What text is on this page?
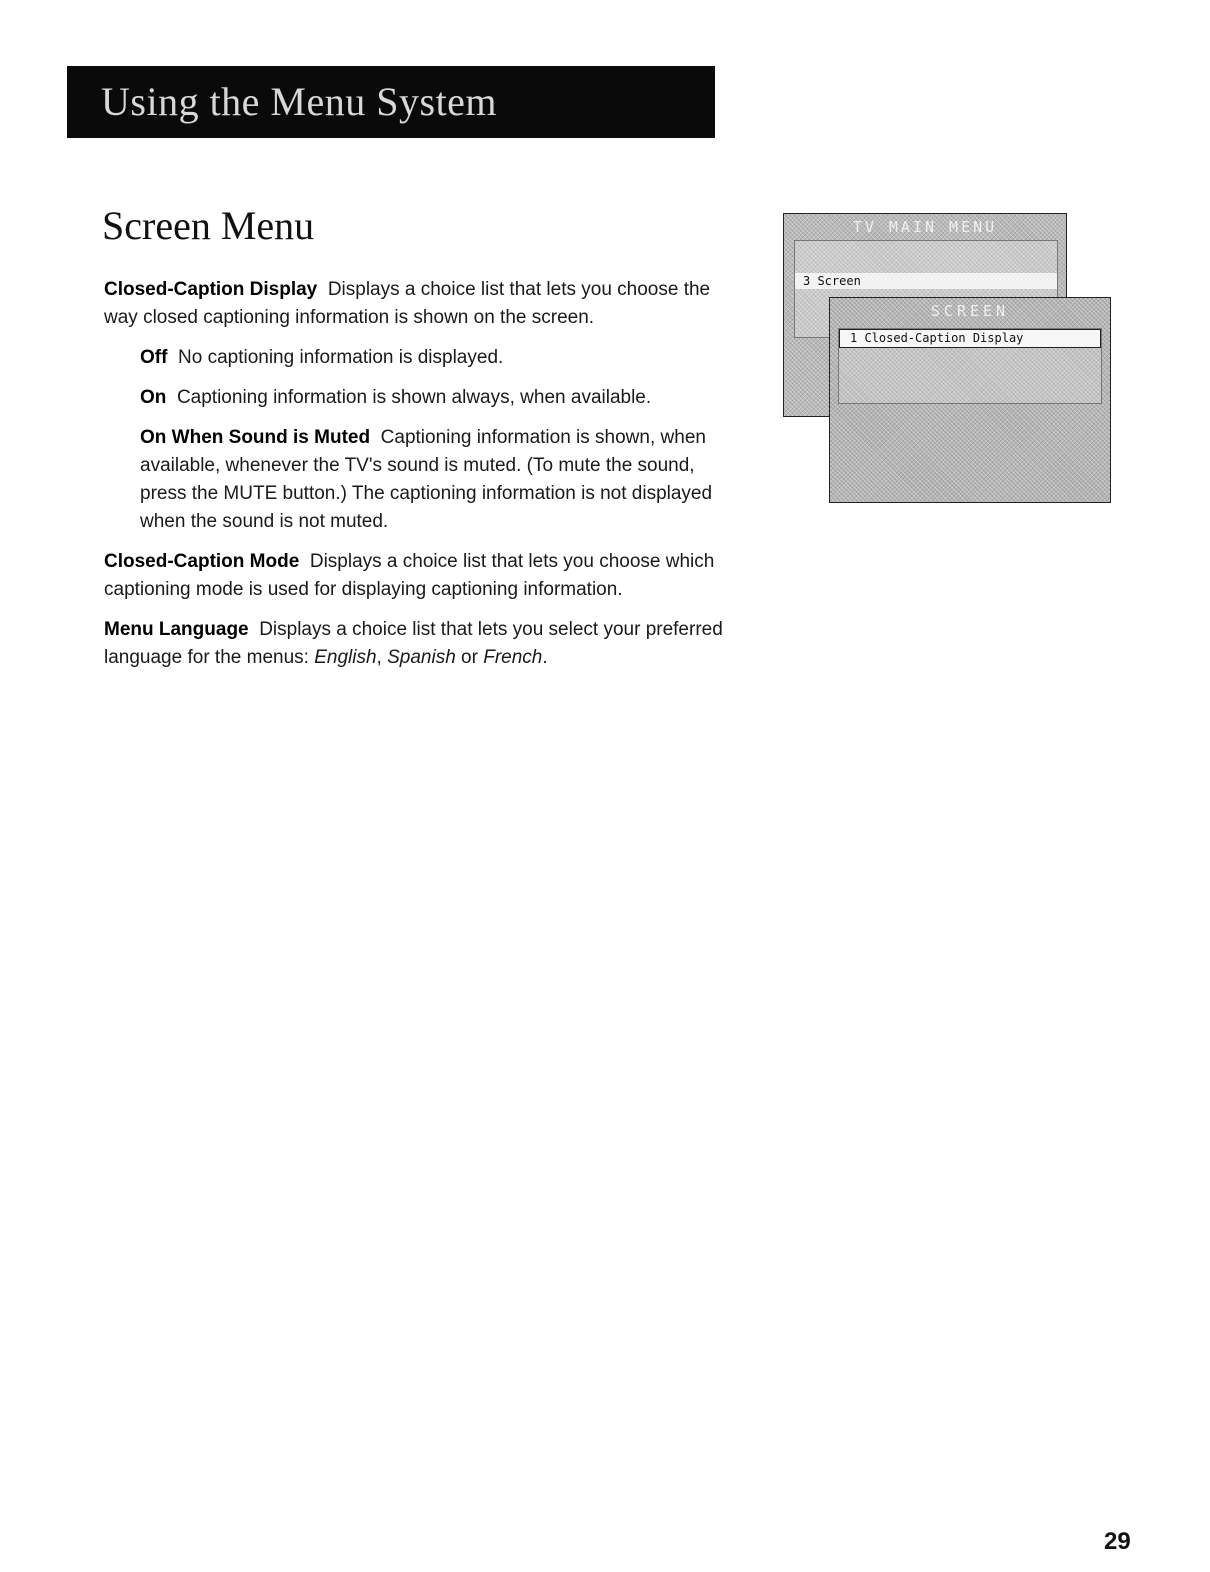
Using the Menu System
Screen Menu

Closed-Caption Display Displays a choice list that lets you choose the way closed captioning information is shown on the screen.

Off No captioning information is displayed.

On Captioning information is shown always, when available.

On When Sound is Muted Captioning information is shown, when available, whenever the TV's sound is muted. (To mute the sound, press the MUTE button.) The captioning information is not displayed when the sound is not muted.

Closed-Caption Mode Displays a choice list that lets you choose which captioning mode is used for displaying captioning information.

Menu Language Displays a choice list that lets you select your preferred language for the menus: English, Spanish or French.

TV MAIN MENU
3 Screen
SCREEN
1 Closed-Caption Display
29
